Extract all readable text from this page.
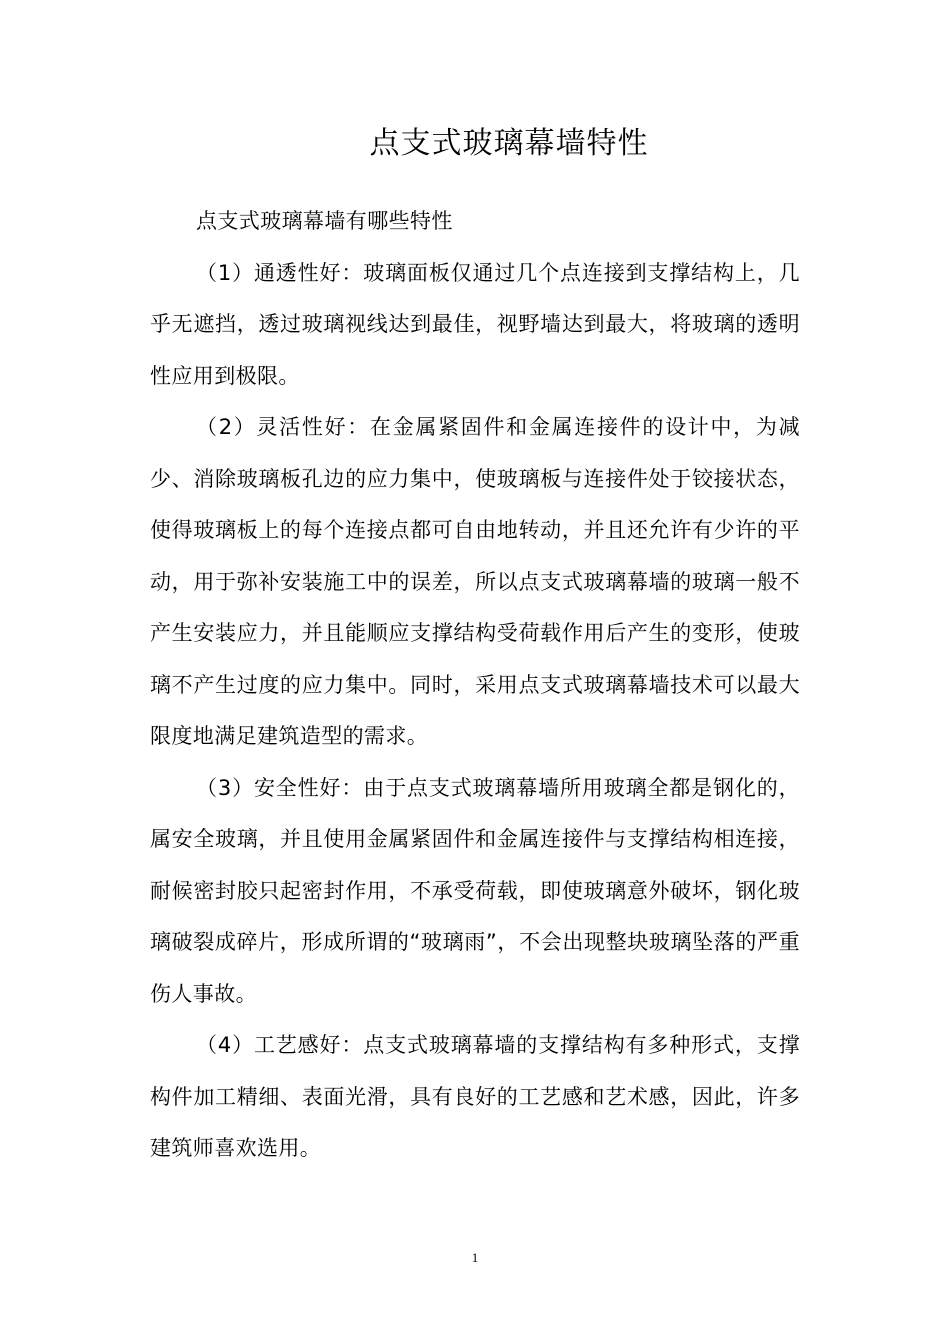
点支式玻璃幕墙特性

点支式玻璃幕墙有哪些特性

（1）通透性好：玻璃面板仅通过几个点连接到支撑结构上，几乎无遮挡，透过玻璃视线达到最佳，视野墙达到最大，将玻璃的透明性应用到极限。

（2）灵活性好：在金属紧固件和金属连接件的设计中，为减少、消除玻璃板孔边的应力集中，使玻璃板与连接件处于铰接状态，使得玻璃板上的每个连接点都可自由地转动，并且还允许有少许的平动，用于弥补安装施工中的误差，所以点支式玻璃幕墙的玻璃一般不产生安装应力，并且能顺应支撑结构受荷载作用后产生的变形，使玻璃不产生过度的应力集中。同时，采用点支式玻璃幕墙技术可以最大限度地满足建筑造型的需求。

（3）安全性好：由于点支式玻璃幕墙所用玻璃全都是钢化的，属安全玻璃，并且使用金属紧固件和金属连接件与支撑结构相连接，耐候密封胶只起密封作用，不承受荷载，即使玻璃意外破坏，钢化玻璃破裂成碎片，形成所谓的“玻璃雨”，不会出现整块玻璃坠落的严重伤人事故。

（4）工艺感好：点支式玻璃幕墙的支撑结构有多种形式，支撑构件加工精细、表面光滑，具有良好的工艺感和艺术感，因此，许多建筑师喜欢选用。

1
